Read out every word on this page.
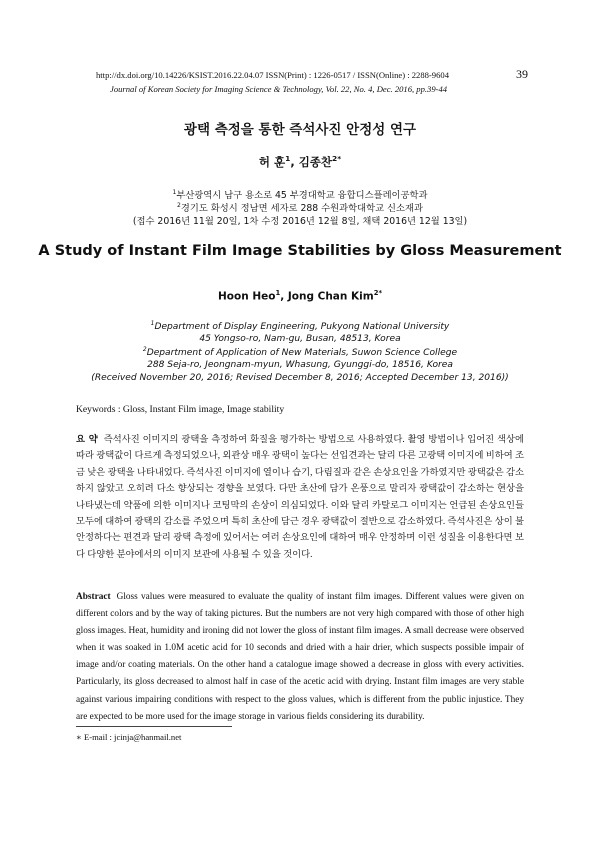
http://dx.doi.org/10.14226/KSIST.2016.22.04.07 ISSN(Print) : 1226-0517 / ISSN(Online) : 2288-9604	39
Journal of Korean Society for Imaging Science & Technology, Vol. 22, No. 4, Dec. 2016, pp.39-44
광택 측정을 통한 즉석사진 안정성 연구
허 훈$^1$, 김종찬$^{2*}$
$^1$부산광역시 남구 용소로 45 부경대학교 융합디스플레이공학과
$^2$경기도 화성시 정남면 세자로 288 수원과학대학교 신소재과
(접수 2016년 11월 20일, 1차 수정 2016년 12월 8일, 채택 2016년 12월 13일)
A Study of Instant Film Image Stabilities by Gloss Measurement
Hoon Heo$^1$, Jong Chan Kim$^{2*}$
$^1$Department of Display Engineering, Pukyong National University
45 Yongso-ro, Nam-gu, Busan, 48513, Korea
$^2$Department of Application of New Materials, Suwon Science College
288 Seja-ro, Jeongnam-myun, Whasung, Gyunggi-do, 18516, Korea
(Received November 20, 2016; Revised December 8, 2016; Accepted December 13, 2016))
Keywords : Gloss, Instant Film image, Image stability
요 약 즉석사진 이미지의 광택을 측정하여 화질을 평가하는 방법으로 사용하였다. 촬영 방법이나 입어진 색상에 따라 광택값이 다르게 측정되었으나, 외관상 매우 광택이 높다는 선입견과는 달리 다른 고광택 이미지에 비하여 조금 낮은 광택을 나타내었다. 즉석사진 이미지에 열이나 습기, 다림질과 같은 손상요인을 가하였지만 광택값은 감소하지 않았고 오히려 다소 향상되는 경향을 보였다. 다만 초산에 담가 온풍으로 말리자 광택값이 감소하는 현상을 나타냈는데 약품에 의한 이미지나 코팅막의 손상이 의심되었다. 이와 달리 카탈로그 이미지는 언급된 손상요인들 모두에 대하여 광택의 감소를 주었으며 특히 초산에 담근 경우 광택값이 절반으로 감소하였다. 즉석사진은 상이 불안정하다는 편견과 달리 광택 측정에 있어서는 여러 손상요인에 대하여 매우 안정하며 이런 성질을 이용한다면 보다 다양한 분야에서의 이미지 보관에 사용될 수 있을 것이다.
Abstract Gloss values were measured to evaluate the quality of instant film images. Different values were given on different colors and by the way of taking pictures. But the numbers are not very high compared with those of other high gloss images. Heat, humidity and ironing did not lower the gloss of instant film images. A small decrease were observed when it was soaked in 1.0M acetic acid for 10 seconds and dried with a hair drier, which suspects possible impair of image and/or coating materials. On the other hand a catalogue image showed a decrease in gloss with every activities. Particularly, its gloss decreased to almost half in case of the acetic acid with drying. Instant film images are very stable against various impairing conditions with respect to the gloss values, which is different from the public injustice. They are expected to be more used for the image storage in various fields considering its durability.
∗ E-mail : jcinja@hanmail.net
